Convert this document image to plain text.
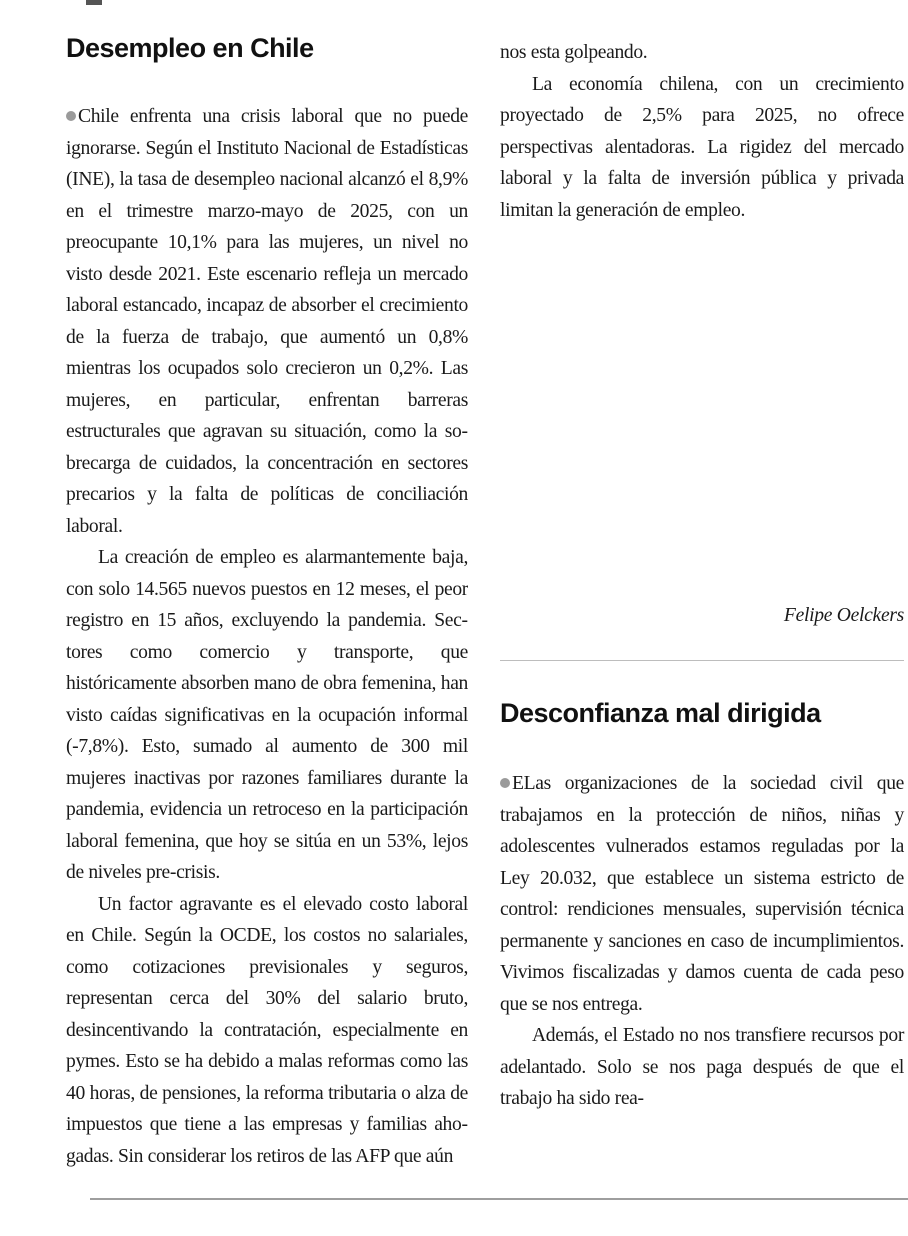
Desempleo en Chile

Chile enfrenta una crisis laboral que no puede ignorarse. Según el Instituto Nacional de Estadísticas (INE), la tasa de desempleo nacional alcanzó el 8,9% en el trimestre marzo-mayo de 2025, con un preocupante 10,1% para las mujeres, un nivel no visto desde 2021. Este escenario refleja un mercado laboral estancado, incapaz de absorber el crecimiento de la fuerza de trabajo, que aumentó un 0,8% mientras los ocupados solo crecieron un 0,2%. Las mujeres, en particular, enfrentan barreras estructurales que agravan su situación, como la sobrecarga de cuidados, la concentración en sectores precarios y la falta de políticas de conciliación laboral.

La creación de empleo es alarmantemente baja, con solo 14.565 nuevos puestos en 12 meses, el peor registro en 15 años, excluyendo la pandemia. Sectores como comercio y transporte, que históricamente absorben mano de obra femenina, han visto caídas significativas en la ocupación informal (-7,8%). Esto, sumado al aumento de 300 mil mujeres inactivas por razones familiares durante la pandemia, evidencia un retroceso en la participación laboral femenina, que hoy se sitúa en un 53%, lejos de niveles pre-crisis.

Un factor agravante es el elevado costo laboral en Chile. Según la OCDE, los costos no salariales, como cotizaciones previsionales y seguros, representan cerca del 30% del salario bruto, desincentivando la contratación, especialmente en pymes. Esto se ha debido a malas reformas como las 40 horas, de pensiones, la reforma tributaria o alza de impuestos que tiene a las empresas y familias ahogadas. Sin considerar los retiros de las AFP que aún

nos esta golpeando.

La economía chilena, con un crecimiento proyectado de 2,5% para 2025, no ofrece perspectivas alentadoras. La rigidez del mercado laboral y la falta de inversión pública y privada limitan la generación de empleo.

Felipe Oelckers
Desconfianza mal dirigida

ELas organizaciones de la sociedad civil que trabajamos en la protección de niños, niñas y adolescentes vulnerados estamos reguladas por la Ley 20.032, que establece un sistema estricto de control: rendiciones mensuales, supervisión técnica permanente y sanciones en caso de incumplimientos. Vivimos fiscalizadas y damos cuenta de cada peso que se nos entrega.

Además, el Estado no nos transfiere recursos por adelantado. Solo se nos paga después de que el trabajo ha sido rea-
